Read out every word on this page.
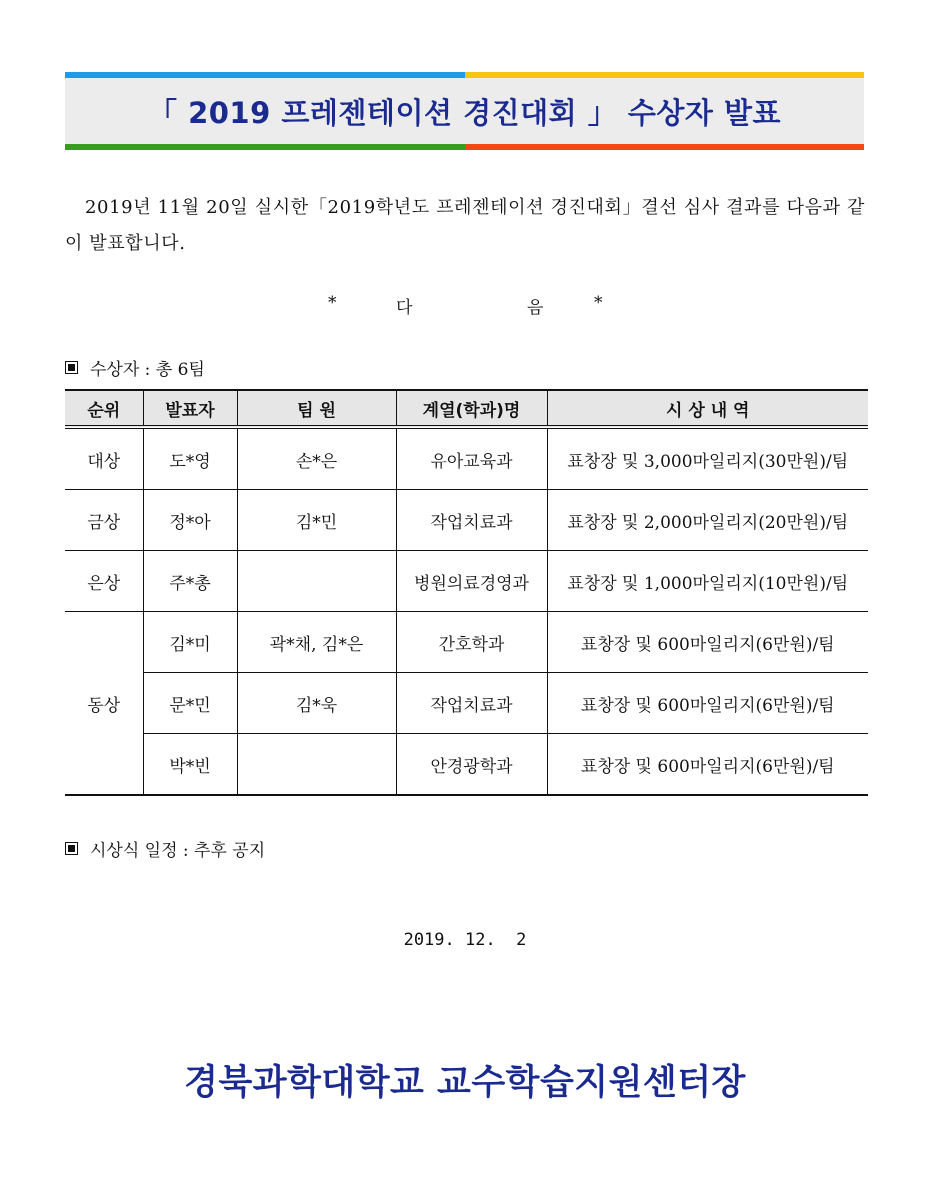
「 2019 프레젠테이션 경진대회 」 수상자 발표
2019년 11월 20일 실시한「2019학년도 프레젠테이션 경진대회」결선 심사 결과를 다음과 같이 발표합니다.
*	다	음	*
수상자 : 총 6팀
순위	발표자	팀 원	계열(학과)명	시 상 내 역
대상	도*영	손*은	유아교육과	표창장 및 3,000마일리지(30만원)/팀
금상	정*아	김*민	작업치료과	표창장 및 2,000마일리지(20만원)/팀
은상	주*총		병원의료경영과	표창장 및 1,000마일리지(10만원)/팀
동상	김*미	곽*채, 김*은	간호학과	표창장 및 600마일리지(6만원)/팀
	문*민	김*욱	작업치료과	표창장 및 600마일리지(6만원)/팀
	박*빈		안경광학과	표창장 및 600마일리지(6만원)/팀
시상식 일정 : 추후 공지
2019. 12.  2
경북과학대학교 교수학습지원센터장
